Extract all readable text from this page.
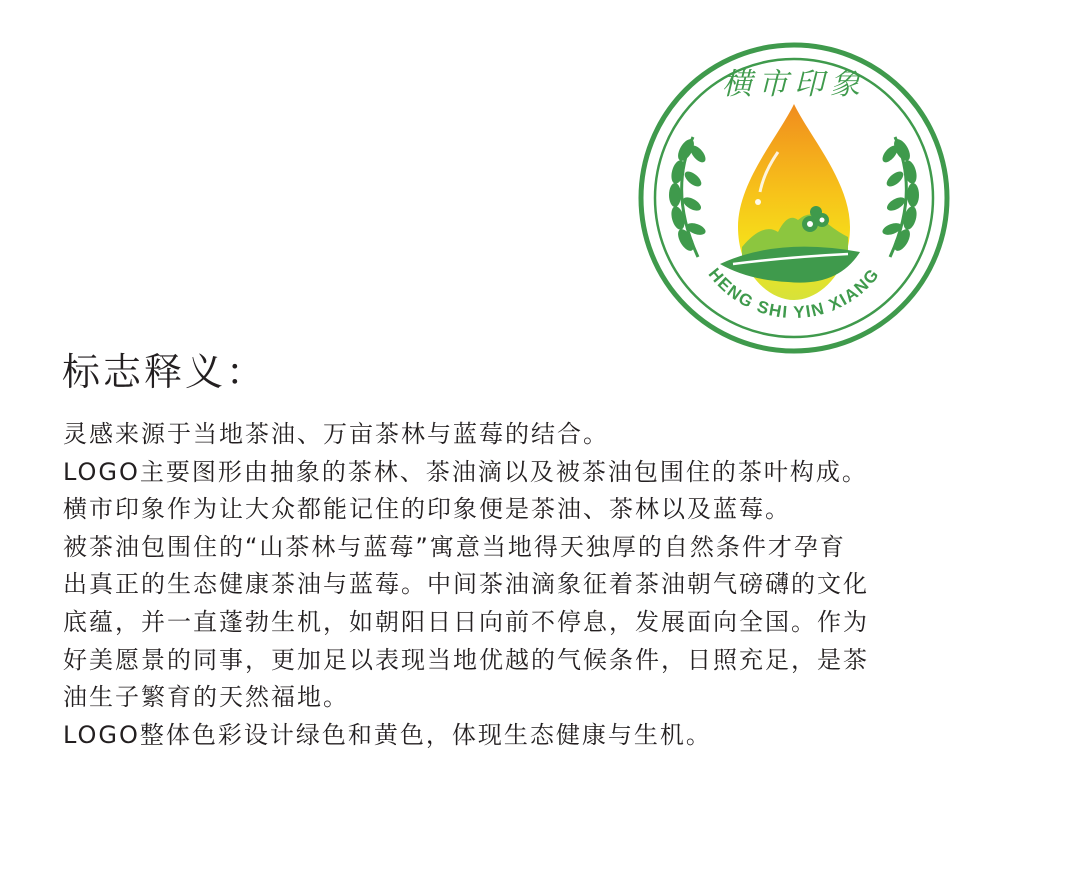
横市印象
HENG SHI YIN XIANG
标志释义：

灵感来源于当地茶油、万亩茶林与蓝莓的结合。

LOGO主要图形由抽象的茶林、茶油滴以及被茶油包围住的茶叶构成。

横市印象作为让大众都能记住的印象便是茶油、茶林以及蓝莓。

被茶油包围住的“山茶林与蓝莓”寓意当地得天独厚的自然条件才孕育

出真正的生态健康茶油与蓝莓。中间茶油滴象征着茶油朝气磅礴的文化

底蕴，并一直蓬勃生机，如朝阳日日向前不停息，发展面向全国。作为

好美愿景的同事，更加足以表现当地优越的气候条件，日照充足，是茶

油生子繁育的天然福地。

LOGO整体色彩设计绿色和黄色，体现生态健康与生机。
